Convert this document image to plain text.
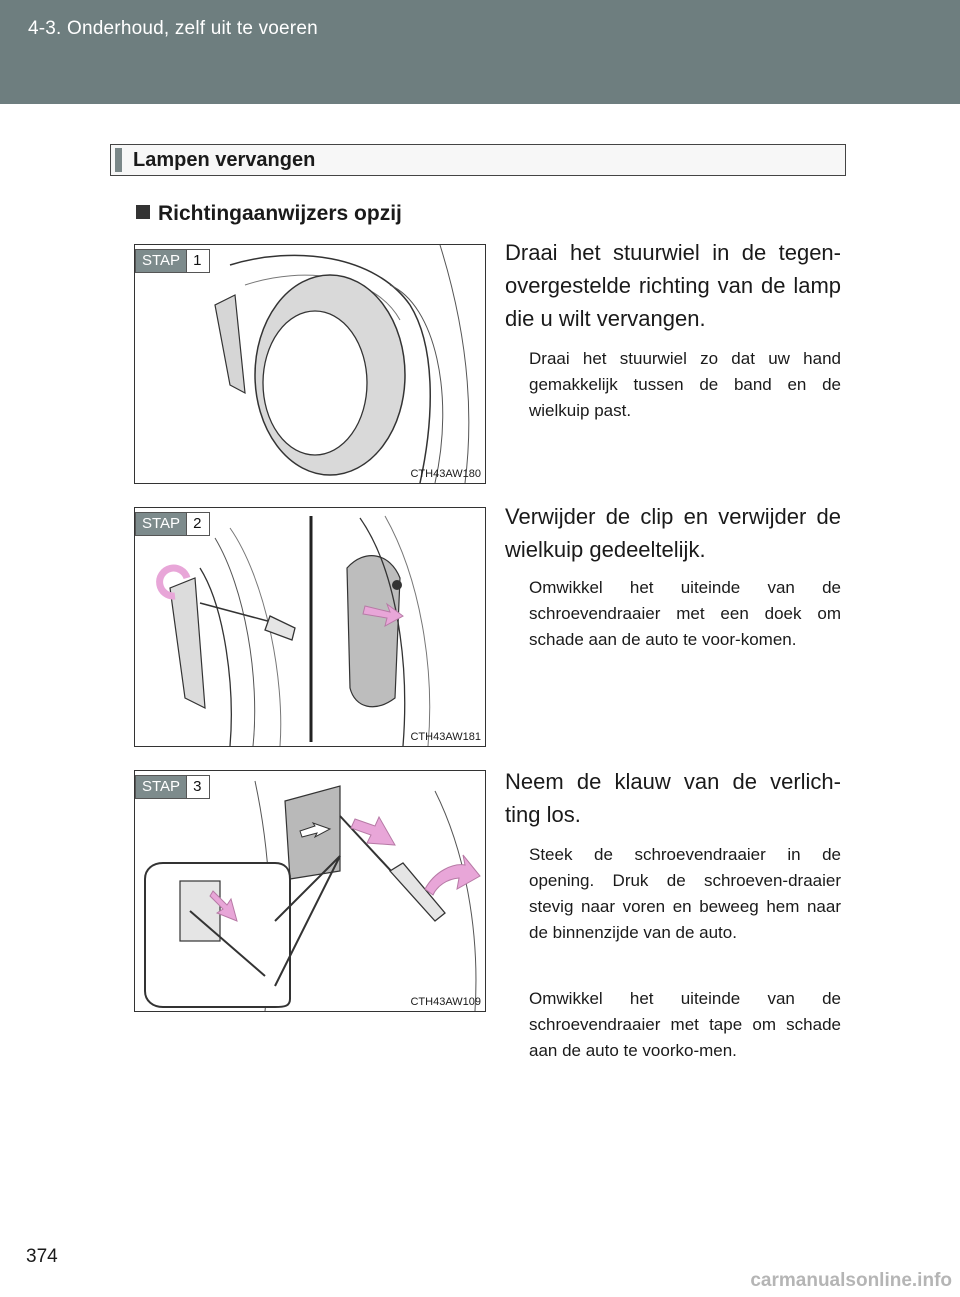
4-3. Onderhoud, zelf uit te voeren
Lampen vervangen
Richtingaanwijzers opzij
STAP 1
CTH43AW180
Draai het stuurwiel in de tegen-overgestelde richting van de lamp die u wilt vervangen.
Draai het stuurwiel zo dat uw hand gemakkelijk tussen de band en de wielkuip past.
STAP 2
CTH43AW181
Verwijder de clip en verwijder de wielkuip gedeeltelijk.
Omwikkel het uiteinde van de schroevendraaier met een doek om schade aan de auto te voor-komen.
STAP 3
CTH43AW109
Neem de klauw van de verlich-ting los.
Steek de schroevendraaier in de opening. Druk de schroeven-draaier stevig naar voren en beweeg hem naar de binnenzijde van de auto.
Omwikkel het uiteinde van de schroevendraaier met tape om schade aan de auto te voorko-men.
374
carmanualsonline.info
